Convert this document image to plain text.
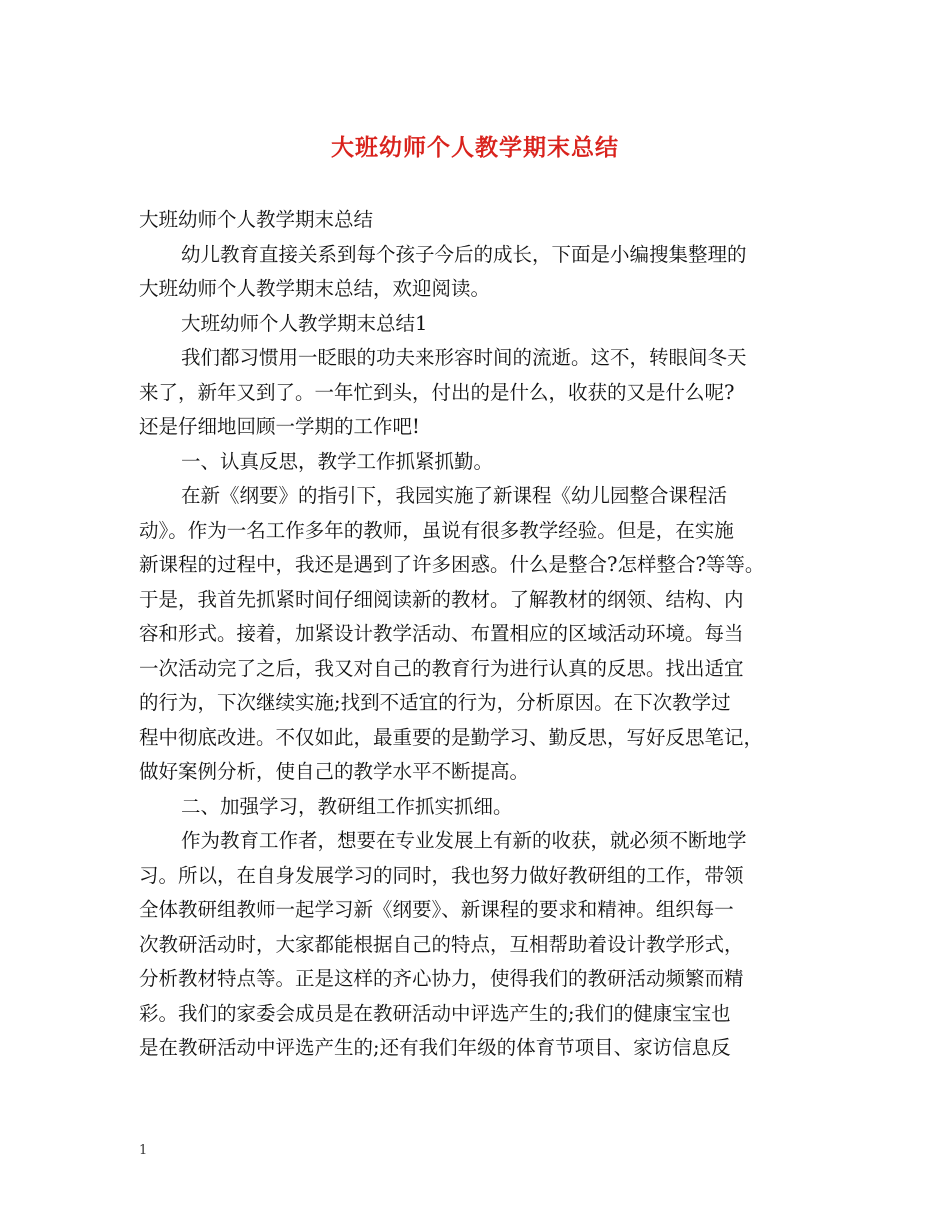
大班幼师个人教学期末总结
大班幼师个人教学期末总结
幼儿教育直接关系到每个孩子今后的成长，下面是小编搜集整理的
大班幼师个人教学期末总结，欢迎阅读。
大班幼师个人教学期末总结1
我们都习惯用一眨眼的功夫来形容时间的流逝。这不，转眼间冬天
来了，新年又到了。一年忙到头，付出的是什么，收获的又是什么呢?
还是仔细地回顾一学期的工作吧!
一、认真反思，教学工作抓紧抓勤。
在新《纲要》的指引下，我园实施了新课程《幼儿园整合课程活
动》。作为一名工作多年的教师，虽说有很多教学经验。但是，在实施
新课程的过程中，我还是遇到了许多困惑。什么是整合?怎样整合?等等。
于是，我首先抓紧时间仔细阅读新的教材。了解教材的纲领、结构、内
容和形式。接着，加紧设计教学活动、布置相应的区域活动环境。每当
一次活动完了之后，我又对自己的教育行为进行认真的反思。找出适宜
的行为，下次继续实施;找到不适宜的行为，分析原因。在下次教学过
程中彻底改进。不仅如此，最重要的是勤学习、勤反思，写好反思笔记，
做好案例分析，使自己的教学水平不断提高。
二、加强学习，教研组工作抓实抓细。
作为教育工作者，想要在专业发展上有新的收获，就必须不断地学
习。所以，在自身发展学习的同时，我也努力做好教研组的工作，带领
全体教研组教师一起学习新《纲要》、新课程的要求和精神。组织每一
次教研活动时，大家都能根据自己的特点，互相帮助着设计教学形式，
分析教材特点等。正是这样的齐心协力，使得我们的教研活动频繁而精
彩。我们的家委会成员是在教研活动中评选产生的;我们的健康宝宝也
是在教研活动中评选产生的;还有我们年级的体育节项目、家访信息反
1
